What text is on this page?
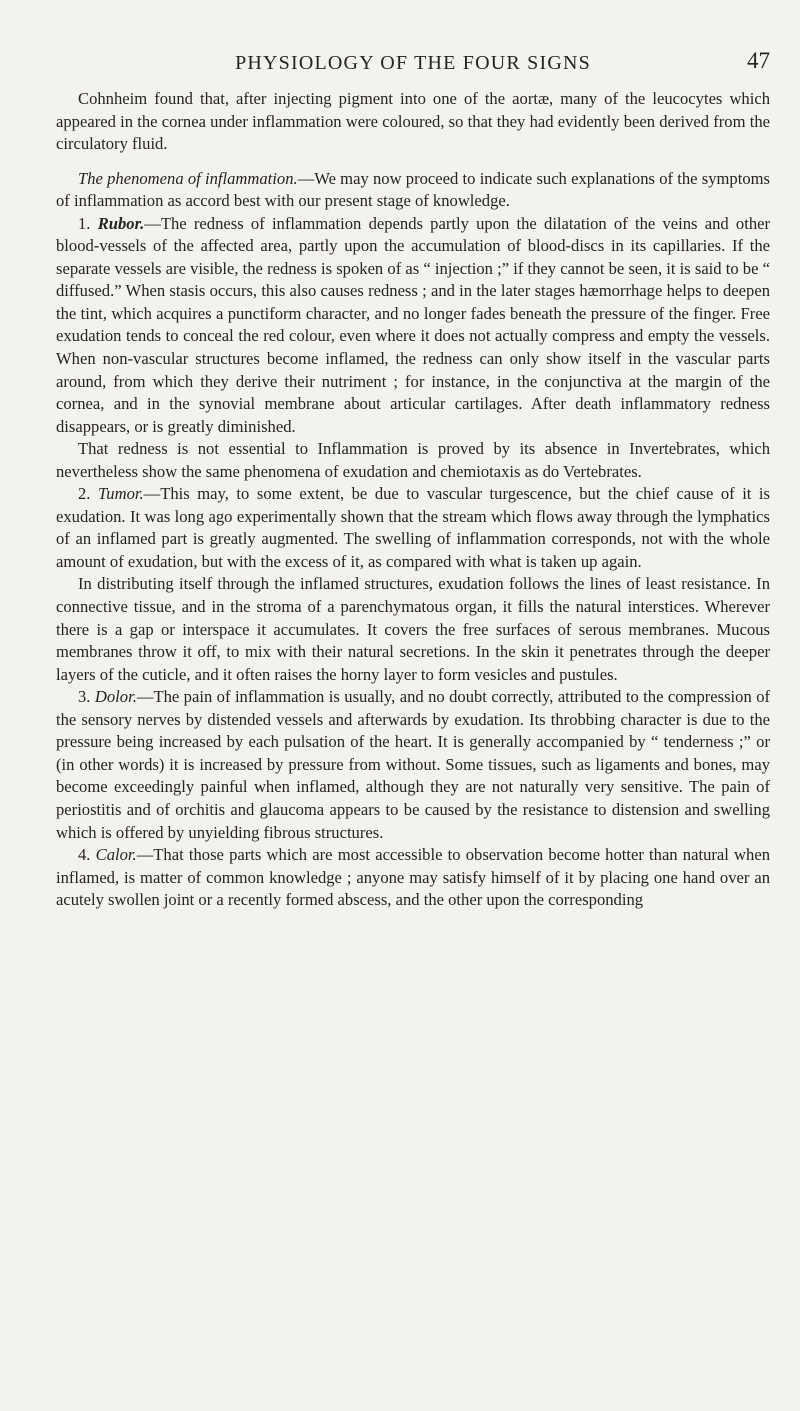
PHYSIOLOGY OF THE FOUR SIGNS	47

Cohnheim found that, after injecting pigment into one of the aortæ, many of the leucocytes which appeared in the cornea under inflammation were coloured, so that they had evidently been derived from the circulatory fluid.

The phenomena of inflammation.—We may now proceed to indicate such explanations of the symptoms of inflammation as accord best with our present stage of knowledge.

1. Rubor.—The redness of inflammation depends partly upon the dilatation of the veins and other blood-vessels of the affected area, partly upon the accumulation of blood-discs in its capillaries. If the separate vessels are visible, the redness is spoken of as “ injection ;” if they cannot be seen, it is said to be “ diffused.” When stasis occurs, this also causes redness ; and in the later stages hæmorrhage helps to deepen the tint, which acquires a punctiform character, and no longer fades beneath the pressure of the finger. Free exudation tends to conceal the red colour, even where it does not actually compress and empty the vessels. When non-vascular structures become inflamed, the redness can only show itself in the vascular parts around, from which they derive their nutriment ; for instance, in the conjunctiva at the margin of the cornea, and in the synovial membrane about articular cartilages. After death inflammatory redness disappears, or is greatly diminished.

That redness is not essential to Inflammation is proved by its absence in Invertebrates, which nevertheless show the same phenomena of exudation and chemiotaxis as do Vertebrates.

2. Tumor.—This may, to some extent, be due to vascular turgescence, but the chief cause of it is exudation. It was long ago experimentally shown that the stream which flows away through the lymphatics of an inflamed part is greatly augmented. The swelling of inflammation corresponds, not with the whole amount of exudation, but with the excess of it, as compared with what is taken up again.

In distributing itself through the inflamed structures, exudation follows the lines of least resistance. In connective tissue, and in the stroma of a parenchymatous organ, it fills the natural interstices. Wherever there is a gap or interspace it accumulates. It covers the free surfaces of serous membranes. Mucous membranes throw it off, to mix with their natural secretions. In the skin it penetrates through the deeper layers of the cuticle, and it often raises the horny layer to form vesicles and pustules.

3. Dolor.—The pain of inflammation is usually, and no doubt correctly, attributed to the compression of the sensory nerves by distended vessels and afterwards by exudation. Its throbbing character is due to the pressure being increased by each pulsation of the heart. It is generally accompanied by “ tenderness ;” or (in other words) it is increased by pressure from without. Some tissues, such as ligaments and bones, may become exceedingly painful when inflamed, although they are not naturally very sensitive. The pain of periostitis and of orchitis and glaucoma appears to be caused by the resistance to distension and swelling which is offered by unyielding fibrous structures.

4. Calor.—That those parts which are most accessible to observation become hotter than natural when inflamed, is matter of common knowledge ; anyone may satisfy himself of it by placing one hand over an acutely swollen joint or a recently formed abscess, and the other upon the corresponding
